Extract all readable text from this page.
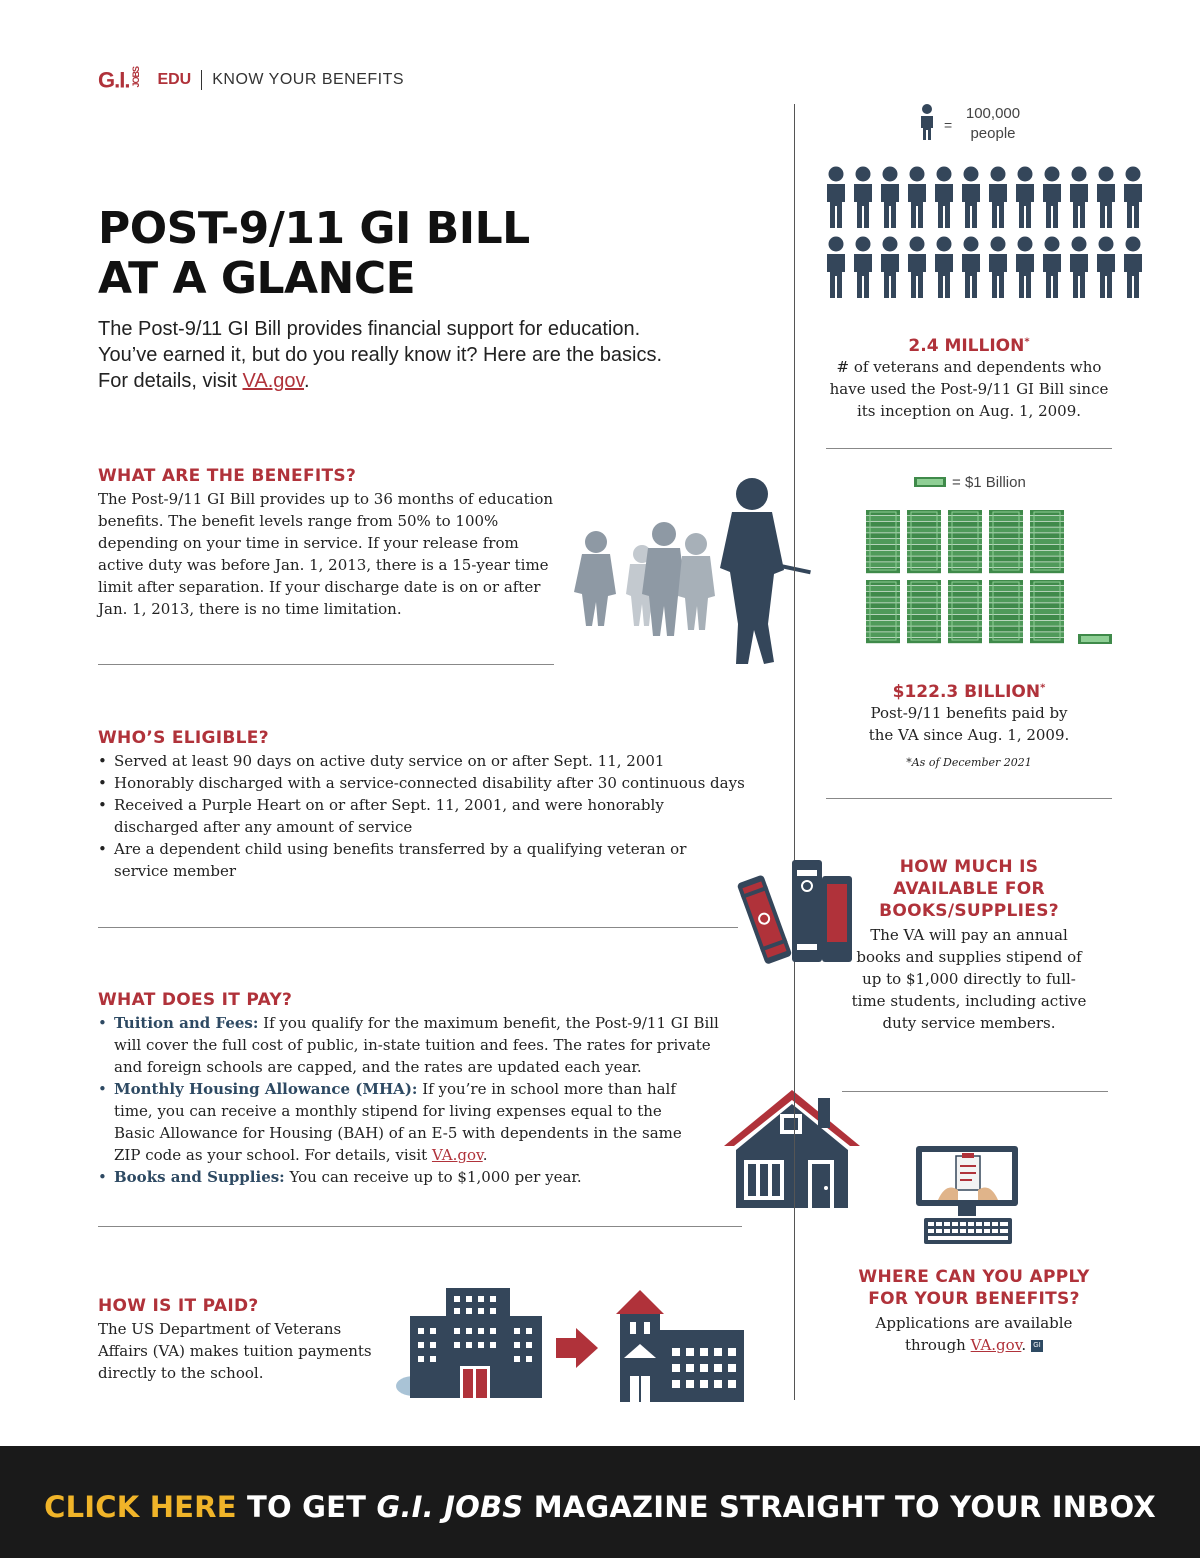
G.I. JOBS EDU KNOW YOUR BENEFITS
POST-9/11 GI BILL
AT A GLANCE

The Post-9/11 GI Bill provides financial support for education. You’ve earned it, but do you really know it? Here are the basics. For details, visit VA.gov.

WHAT ARE THE BENEFITS?

The Post-9/11 GI Bill provides up to 36 months of education benefits. The benefit levels range from 50% to 100% depending on your time in service. If your release from active duty was before Jan. 1, 2013, there is a 15-year time limit after separation. If your discharge date is on or after Jan. 1, 2013, there is no time limitation.

WHO’S ELIGIBLE?
• Served at least 90 days on active duty service on or after Sept. 11, 2001
• Honorably discharged with a service-connected disability after 30 continuous days
• Received a Purple Heart on or after Sept. 11, 2001, and were honorably discharged after any amount of service
• Are a dependent child using benefits transferred by a qualifying veteran or service member
WHAT DOES IT PAY?
• Tuition and Fees: If you qualify for the maximum benefit, the Post-9/11 GI Bill will cover the full cost of public, in-state tuition and fees. The rates for private and foreign schools are capped, and the rates are updated each year.
• Monthly Housing Allowance (MHA): If you’re in school more than half time, you can receive a monthly stipend for living expenses equal to the Basic Allowance for Housing (BAH) of an E-5 with dependents in the same ZIP code as your school. For details, visit VA.gov.
• Books and Supplies: You can receive up to $1,000 per year.
HOW IS IT PAID?

The US Department of Veterans Affairs (VA) makes tuition payments directly to the school.

=
100,000
people
2.4 MILLION*
# of veterans and dependents who have used the Post-9/11 GI Bill since its inception on Aug. 1, 2009.
= $1 Billion
$122.3 BILLION*
Post-9/11 benefits paid by the VA since Aug. 1, 2009.
*As of December 2021
HOW MUCH IS AVAILABLE FOR BOOKS/SUPPLIES?
The VA will pay an annual books and supplies stipend of up to $1,000 directly to full-time students, including active duty service members.
WHERE CAN YOU APPLY FOR YOUR BENEFITS?
Applications are available through VA.gov. GI
CLICK HERE TO GET G.I. JOBS MAGAZINE STRAIGHT TO YOUR INBOX
